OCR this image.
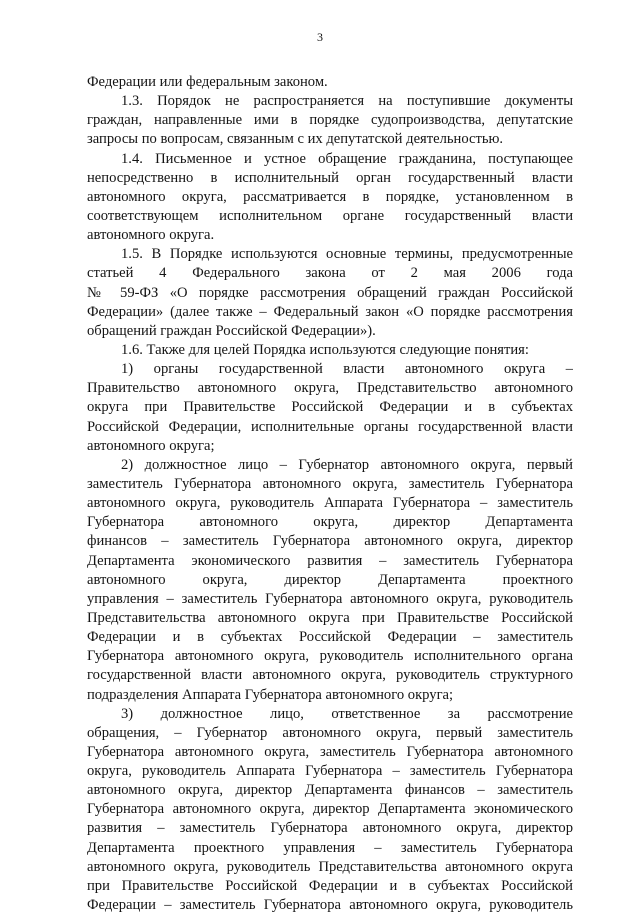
3
Федерации или федеральным законом.
1.3. Порядок не распространяется на поступившие документы
граждан, направленные ими в порядке судопроизводства, депутатские
запросы по вопросам, связанным с их депутатской деятельностью.
1.4. Письменное и устное обращение гражданина, поступающее
непосредственно в исполнительный орган государственный власти
автономного округа, рассматривается в порядке, установленном в
соответствующем исполнительном органе государственный власти
автономного округа.
1.5. В Порядке используются основные термины, предусмотренные
статьей 4 Федерального закона от 2 мая 2006 года
№ 59-ФЗ «О порядке рассмотрения обращений граждан Российской
Федерации» (далее также – Федеральный закон «О порядке рассмотрения
обращений граждан Российской Федерации»).
1.6. Также для целей Порядка используются следующие понятия:
1) органы государственной власти автономного округа –
Правительство автономного округа, Представительство автономного
округа при Правительстве Российской Федерации и в субъектах
Российской Федерации, исполнительные органы государственной власти
автономного округа;
2) должностное лицо – Губернатор автономного округа, первый
заместитель Губернатора автономного округа, заместитель Губернатора
автономного округа, руководитель Аппарата Губернатора – заместитель
Губернатора автономного округа, директор Департамента
финансов – заместитель Губернатора автономного округа, директор
Департамента экономического развития – заместитель Губернатора
автономного округа, директор Департамента проектного
управления – заместитель Губернатора автономного округа, руководитель
Представительства автономного округа при Правительстве Российской
Федерации и в субъектах Российской Федерации – заместитель
Губернатора автономного округа, руководитель исполнительного органа
государственной власти автономного округа, руководитель структурного
подразделения Аппарата Губернатора автономного округа;
3) должностное лицо, ответственное за рассмотрение
обращения, – Губернатор автономного округа, первый заместитель
Губернатора автономного округа, заместитель Губернатора автономного
округа, руководитель Аппарата Губернатора – заместитель Губернатора
автономного округа, директор Департамента финансов – заместитель
Губернатора автономного округа, директор Департамента экономического
развития – заместитель Губернатора автономного округа, директор
Департамента проектного управления – заместитель Губернатора
автономного округа, руководитель Представительства автономного округа
при Правительстве Российской Федерации и в субъектах Российской
Федерации – заместитель Губернатора автономного округа, руководитель
